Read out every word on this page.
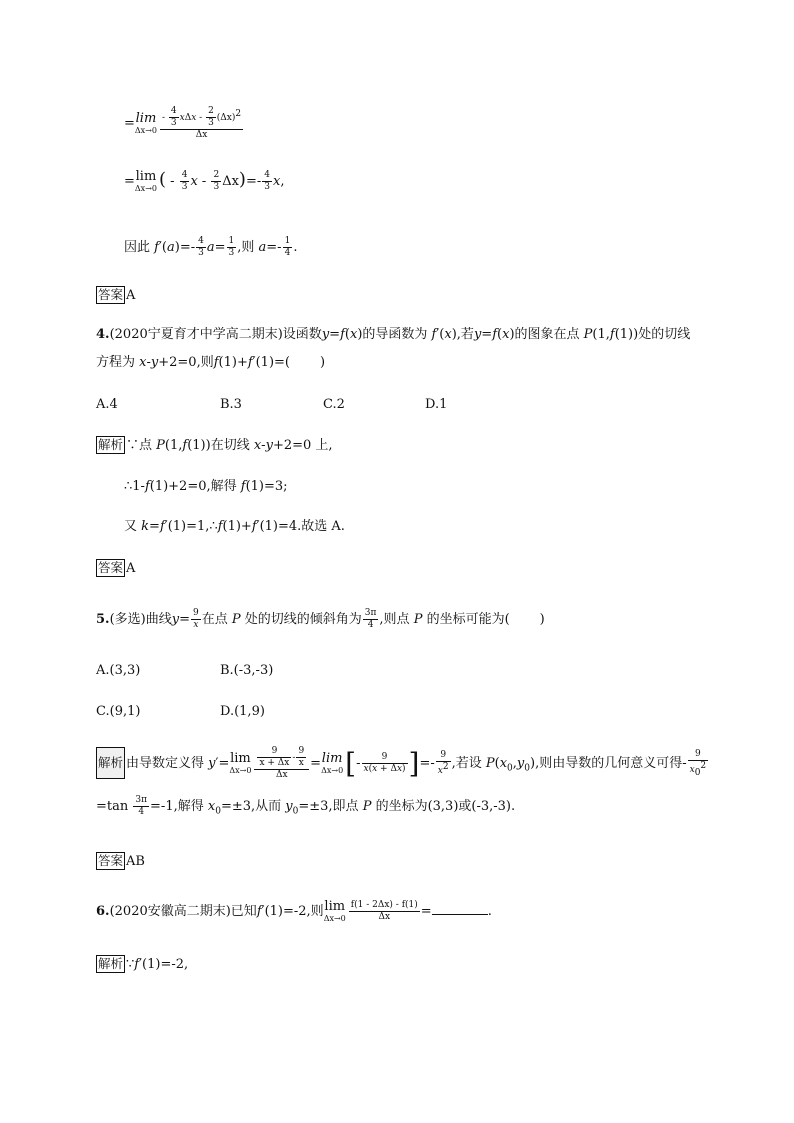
= lim
$\Delta x\to 0 \frac{- \frac{4}{3} x\Delta x - \frac{2}{3} (\Delta x)^2}{\Delta x}$
= lim
Δx→0 ( - $\frac{4}{3}$ $x - \frac{2}{3} \Delta x)=- \frac{4}{3} x$,
因此 $f'(a)=- \frac{4}{3} a= \frac{1}{3}$ ,则 $a=- \frac{1}{4}$ .
答案 A
4.(2020宁夏育才中学高二期末)设函数y=f(x)的导函数为 f′(x),若y=f(x)的图象在点 P(1,f(1))处的切线
方程为 x-y+2=0,则f(1)+f′(1)=( )
A.4	B.3	C.2	D.1
解析 ∵点 P(1,f(1))在切线 x-y+2=0 上,
∴1-f(1)+2=0,解得 f(1)=3;
又 k=f′(1)=1,∴f(1)+f′(1)=4.故选 A.
答案 A
5.(多选)曲线$y= \frac{9}{x}$ 在点 P 处的切线的倾斜角为 $\frac{3\pi}{4}$ ,则点 P 的坐标可能为( )
A.(3,3)	B.(-3,-3)
C.(9,1)	D.(1,9)
解析 由导数定义得 y′= lim
$\Delta x\to 0 \frac{\frac{9}{x + \Delta x} - \frac{9}{x}}{\Delta x} = \lim$
Δx→0 [- $\frac{9}{x(x + \Delta x)}$ ]=- $\frac{9}{x^2}$ ,若设 $P(x_0,y_0)$,则由导数的几何意义可得- $\frac{9}{x_0^2}$
$=\tan \frac{3\pi}{4} =-1$,解得 $x_0=\pm 3$,从而 $y_0=\pm 3$,即点 P 的坐标为(3,3)或(-3,-3).
答案 AB
6.(2020安徽高二期末)已知f′(1)=-2,则 lim
$\Delta x\to 0 \frac{f(1 - 2\Delta x) - f(1)}{\Delta x}$ =	.
解析 ∵f′(1)=-2,
